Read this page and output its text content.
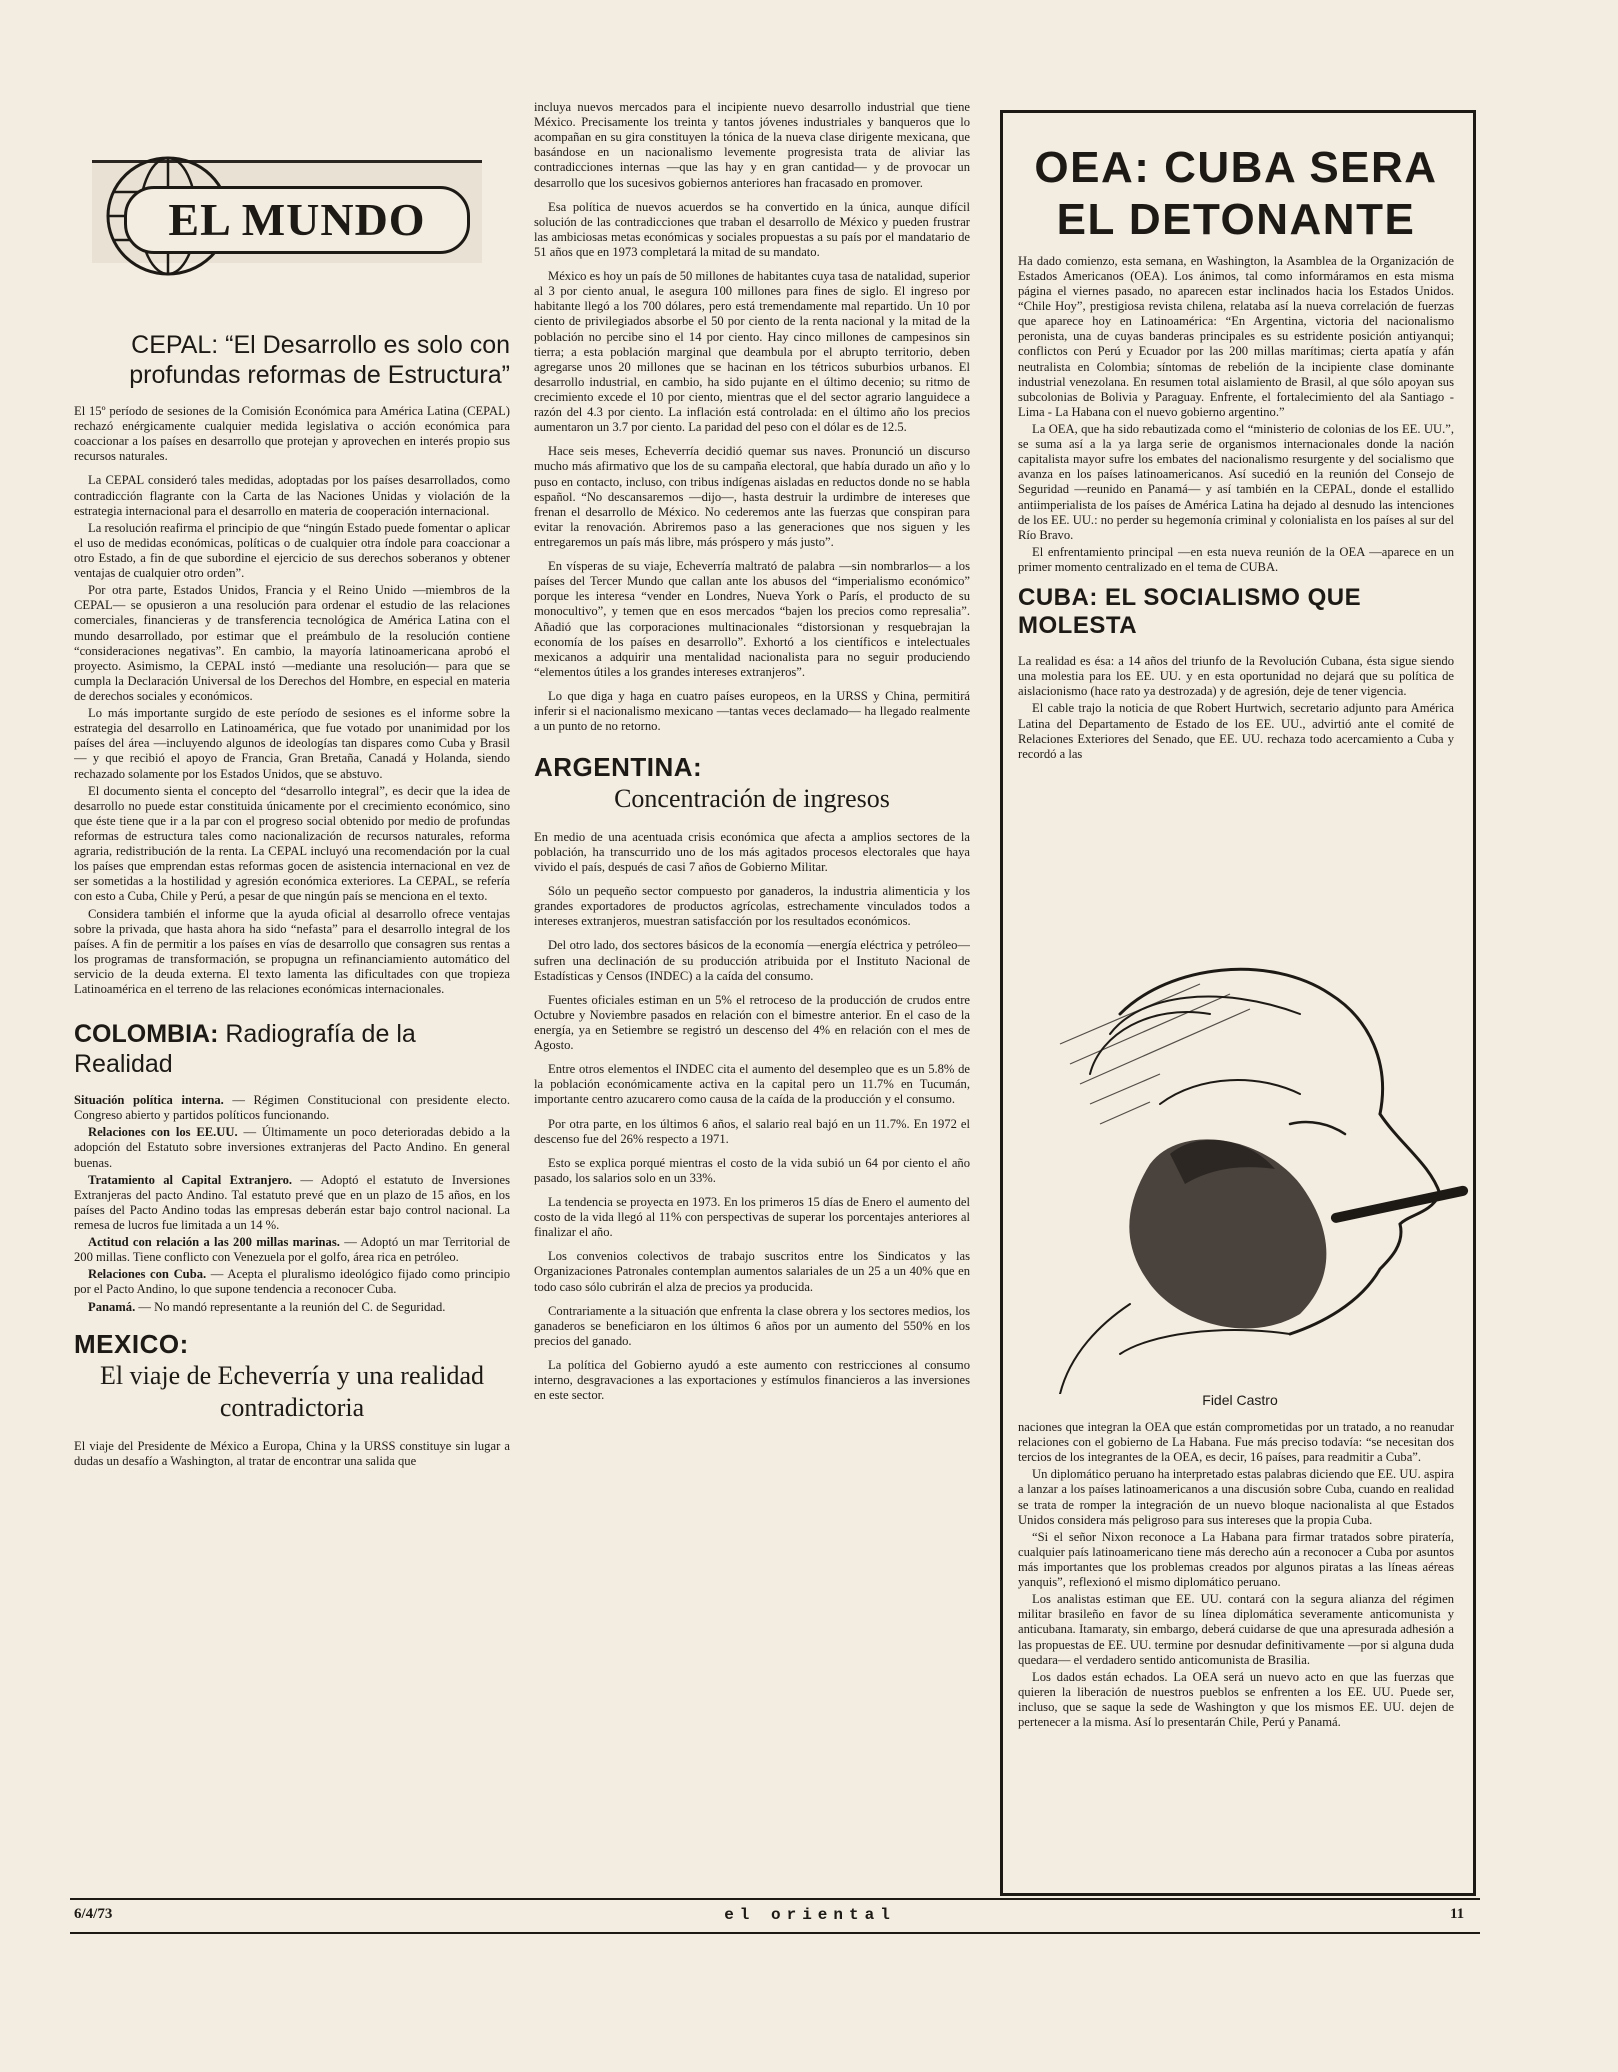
EL MUNDO
CEPAL: “El Desarrollo es solo con profundas reformas de Estructura”

El 15º período de sesiones de la Comisión Económica para América Latina (CEPAL) rechazó enérgicamente cualquier medida legislativa o acción económica para coaccionar a los países en desarrollo que protejan y aprovechen en interés propio sus recursos naturales.

La CEPAL consideró tales medidas, adoptadas por los países desarrollados, como contradicción flagrante con la Carta de las Naciones Unidas y violación de la estrategia internacional para el desarrollo en materia de cooperación internacional.

La resolución reafirma el principio de que “ningún Estado puede fomentar o aplicar el uso de medidas económicas, políticas o de cualquier otra índole para coaccionar a otro Estado, a fin de que subordine el ejercicio de sus derechos soberanos y obtener ventajas de cualquier otro orden”.

Por otra parte, Estados Unidos, Francia y el Reino Unido —miembros de la CEPAL— se opusieron a una resolución para ordenar el estudio de las relaciones comerciales, financieras y de transferencia tecnológica de América Latina con el mundo desarrollado, por estimar que el preámbulo de la resolución contiene “consideraciones negativas”. En cambio, la mayoría latinoamericana aprobó el proyecto. Asimismo, la CEPAL instó —mediante una resolución— para que se cumpla la Declaración Universal de los Derechos del Hombre, en especial en materia de derechos sociales y económicos.

Lo más importante surgido de este período de sesiones es el informe sobre la estrategia del desarrollo en Latinoamérica, que fue votado por unanimidad por los países del área —incluyendo algunos de ideologías tan dispares como Cuba y Brasil— y que recibió el apoyo de Francia, Gran Bretaña, Canadá y Holanda, siendo rechazado solamente por los Estados Unidos, que se abstuvo.

El documento sienta el concepto del “desarrollo integral”, es decir que la idea de desarrollo no puede estar constituida únicamente por el crecimiento económico, sino que éste tiene que ir a la par con el progreso social obtenido por medio de profundas reformas de estructura tales como nacionalización de recursos naturales, reforma agraria, redistribución de la renta. La CEPAL incluyó una recomendación por la cual los países que emprendan estas reformas gocen de asistencia internacional en vez de ser sometidas a la hostilidad y agresión económica exteriores. La CEPAL, se refería con esto a Cuba, Chile y Perú, a pesar de que ningún país se menciona en el texto.

Considera también el informe que la ayuda oficial al desarrollo ofrece ventajas sobre la privada, que hasta ahora ha sido “nefasta” para el desarrollo integral de los países. A fin de permitir a los países en vías de desarrollo que consagren sus rentas a los programas de transformación, se propugna un refinanciamiento automático del servicio de la deuda externa. El texto lamenta las dificultades con que tropieza Latinoamérica en el terreno de las relaciones económicas internacionales.

COLOMBIA: Radiografía de la Realidad

Situación política interna. — Régimen Constitucional con presidente electo. Congreso abierto y partidos políticos funcionando.

Relaciones con los EE.UU. — Últimamente un poco deterioradas debido a la adopción del Estatuto sobre inversiones extranjeras del Pacto Andino. En general buenas.

Tratamiento al Capital Extranjero. — Adoptó el estatuto de Inversiones Extranjeras del pacto Andino. Tal estatuto prevé que en un plazo de 15 años, en los países del Pacto Andino todas las empresas deberán estar bajo control nacional. La remesa de lucros fue limitada a un 14 %.

Actitud con relación a las 200 millas marinas. — Adoptó un mar Territorial de 200 millas. Tiene conflicto con Venezuela por el golfo, área rica en petróleo.

Relaciones con Cuba. — Acepta el pluralismo ideológico fijado como principio por el Pacto Andino, lo que supone tendencia a reconocer Cuba.

Panamá. — No mandó representante a la reunión del C. de Seguridad.

MEXICO:
El viaje de Echeverría y una realidad contradictoria

El viaje del Presidente de México a Europa, China y la URSS constituye sin lugar a dudas un desafío a Washington, al tratar de encontrar una salida que

incluya nuevos mercados para el incipiente nuevo desarrollo industrial que tiene México. Precisamente los treinta y tantos jóvenes industriales y banqueros que lo acompañan en su gira constituyen la tónica de la nueva clase dirigente mexicana, que basándose en un nacionalismo levemente progresista trata de aliviar las contradicciones internas —que las hay y en gran cantidad— y de provocar un desarrollo que los sucesivos gobiernos anteriores han fracasado en promover.

Esa política de nuevos acuerdos se ha convertido en la única, aunque difícil solución de las contradicciones que traban el desarrollo de México y pueden frustrar las ambiciosas metas económicas y sociales propuestas a su país por el mandatario de 51 años que en 1973 completará la mitad de su mandato.

México es hoy un país de 50 millones de habitantes cuya tasa de natalidad, superior al 3 por ciento anual, le asegura 100 millones para fines de siglo. El ingreso por habitante llegó a los 700 dólares, pero está tremendamente mal repartido. Un 10 por ciento de privilegiados absorbe el 50 por ciento de la renta nacional y la mitad de la población no percibe sino el 14 por ciento. Hay cinco millones de campesinos sin tierra; a esta población marginal que deambula por el abrupto territorio, deben agregarse unos 20 millones que se hacinan en los tétricos suburbios urbanos. El desarrollo industrial, en cambio, ha sido pujante en el último decenio; su ritmo de crecimiento excede el 10 por ciento, mientras que el del sector agrario languidece a razón del 4.3 por ciento. La inflación está controlada: en el último año los precios aumentaron un 3.7 por ciento. La paridad del peso con el dólar es de 12.5.

Hace seis meses, Echeverría decidió quemar sus naves. Pronunció un discurso mucho más afirmativo que los de su campaña electoral, que había durado un año y lo puso en contacto, incluso, con tribus indígenas aisladas en reductos donde no se habla español. “No descansaremos —dijo—, hasta destruir la urdimbre de intereses que frenan el desarrollo de México. No cederemos ante las fuerzas que conspiran para evitar la renovación. Abriremos paso a las generaciones que nos siguen y les entregaremos un país más libre, más próspero y más justo”.

En vísperas de su viaje, Echeverría maltrató de palabra —sin nombrarlos— a los países del Tercer Mundo que callan ante los abusos del “imperialismo económico” porque les interesa “vender en Londres, Nueva York o París, el producto de su monocultivo”, y temen que en esos mercados “bajen los precios como represalia”. Añadió que las corporaciones multinacionales “distorsionan y resquebrajan la economía de los países en desarrollo”. Exhortó a los científicos e intelectuales mexicanos a adquirir una mentalidad nacionalista para no seguir produciendo “elementos útiles a los grandes intereses extranjeros”.

Lo que diga y haga en cuatro países europeos, en la URSS y China, permitirá inferir si el nacionalismo mexicano —tantas veces declamado— ha llegado realmente a un punto de no retorno.

ARGENTINA:
Concentración de ingresos

En medio de una acentuada crisis económica que afecta a amplios sectores de la población, ha transcurrido uno de los más agitados procesos electorales que haya vivido el país, después de casi 7 años de Gobierno Militar.

Sólo un pequeño sector compuesto por ganaderos, la industria alimenticia y los grandes exportadores de productos agrícolas, estrechamente vinculados todos a intereses extranjeros, muestran satisfacción por los resultados económicos.

Del otro lado, dos sectores básicos de la economía —energía eléctrica y petróleo— sufren una declinación de su producción atribuida por el Instituto Nacional de Estadísticas y Censos (INDEC) a la caída del consumo.

Fuentes oficiales estiman en un 5% el retroceso de la producción de crudos entre Octubre y Noviembre pasados en relación con el bimestre anterior. En el caso de la energía, ya en Setiembre se registró un descenso del 4% en relación con el mes de Agosto.

Entre otros elementos el INDEC cita el aumento del desempleo que es un 5.8% de la población económicamente activa en la capital pero un 11.7% en Tucumán, importante centro azucarero como causa de la caída de la producción y el consumo.

Por otra parte, en los últimos 6 años, el salario real bajó en un 11.7%. En 1972 el descenso fue del 26% respecto a 1971.

Esto se explica porqué mientras el costo de la vida subió un 64 por ciento el año pasado, los salarios solo en un 33%.

La tendencia se proyecta en 1973. En los primeros 15 días de Enero el aumento del costo de la vida llegó al 11% con perspectivas de superar los porcentajes anteriores al finalizar el año.

Los convenios colectivos de trabajo suscritos entre los Sindicatos y las Organizaciones Patronales contemplan aumentos salariales de un 25 a un 40% que en todo caso sólo cubrirán el alza de precios ya producida.

Contrariamente a la situación que enfrenta la clase obrera y los sectores medios, los ganaderos se beneficiaron en los últimos 6 años por un aumento del 550% en los precios del ganado.

La política del Gobierno ayudó a este aumento con restricciones al consumo interno, desgravaciones a las exportaciones y estímulos financieros a las inversiones en este sector.

OEA: CUBA SERA
EL DETONANTE

Ha dado comienzo, esta semana, en Washington, la Asamblea de la Organización de Estados Americanos (OEA). Los ánimos, tal como informáramos en esta misma página el viernes pasado, no aparecen estar inclinados hacia los Estados Unidos. “Chile Hoy”, prestigiosa revista chilena, relataba así la nueva correlación de fuerzas que aparece hoy en Latinoamérica: “En Argentina, victoria del nacionalismo peronista, una de cuyas banderas principales es su estridente posición antiyanqui; conflictos con Perú y Ecuador por las 200 millas marítimas; cierta apatía y afán neutralista en Colombia; síntomas de rebelión de la incipiente clase dominante industrial venezolana. En resumen total aislamiento de Brasil, al que sólo apoyan sus subcolonias de Bolivia y Paraguay. Enfrente, el fortalecimiento del ala Santiago - Lima - La Habana con el nuevo gobierno argentino.”

La OEA, que ha sido rebautizada como el “ministerio de colonias de los EE. UU.”, se suma así a la ya larga serie de organismos internacionales donde la nación capitalista mayor sufre los embates del nacionalismo resurgente y del socialismo que avanza en los países latinoamericanos. Así sucedió en la reunión del Consejo de Seguridad —reunido en Panamá— y así también en la CEPAL, donde el estallido antiimperialista de los países de América Latina ha dejado al desnudo las intenciones de los EE. UU.: no perder su hegemonía criminal y colonialista en los países al sur del Río Bravo.

El enfrentamiento principal —en esta nueva reunión de la OEA —aparece en un primer momento centralizado en el tema de CUBA.

CUBA: EL SOCIALISMO QUE MOLESTA

La realidad es ésa: a 14 años del triunfo de la Revolución Cubana, ésta sigue siendo una molestia para los EE. UU. y en esta oportunidad no dejará que su política de aislacionismo (hace rato ya destrozada) y de agresión, deje de tener vigencia.

El cable trajo la noticia de que Robert Hurtwich, secretario adjunto para América Latina del Departamento de Estado de los EE. UU., advirtió ante el comité de Relaciones Exteriores del Senado, que EE. UU. rechaza todo acercamiento a Cuba y recordó a las

Fidel Castro

naciones que integran la OEA que están comprometidas por un tratado, a no reanudar relaciones con el gobierno de La Habana. Fue más preciso todavía: “se necesitan dos tercios de los integrantes de la OEA, es decir, 16 países, para readmitir a Cuba”.

Un diplomático peruano ha interpretado estas palabras diciendo que EE. UU. aspira a lanzar a los países latinoamericanos a una discusión sobre Cuba, cuando en realidad se trata de romper la integración de un nuevo bloque nacionalista al que Estados Unidos considera más peligroso para sus intereses que la propia Cuba.

“Si el señor Nixon reconoce a La Habana para firmar tratados sobre piratería, cualquier país latinoamericano tiene más derecho aún a reconocer a Cuba por asuntos más importantes que los problemas creados por algunos piratas a las líneas aéreas yanquis”, reflexionó el mismo diplomático peruano.

Los analistas estiman que EE. UU. contará con la segura alianza del régimen militar brasileño en favor de su línea diplomática severamente anticomunista y anticubana. Itamaraty, sin embargo, deberá cuidarse de que una apresurada adhesión a las propuestas de EE. UU. termine por desnudar definitivamente —por si alguna duda quedara— el verdadero sentido anticomunista de Brasilia.

Los dados están echados. La OEA será un nuevo acto en que las fuerzas que quieren la liberación de nuestros pueblos se enfrenten a los EE. UU. Puede ser, incluso, que se saque la sede de Washington y que los mismos EE. UU. dejen de pertenecer a la misma. Así lo presentarán Chile, Perú y Panamá.

6/4/73	el oriental	11
